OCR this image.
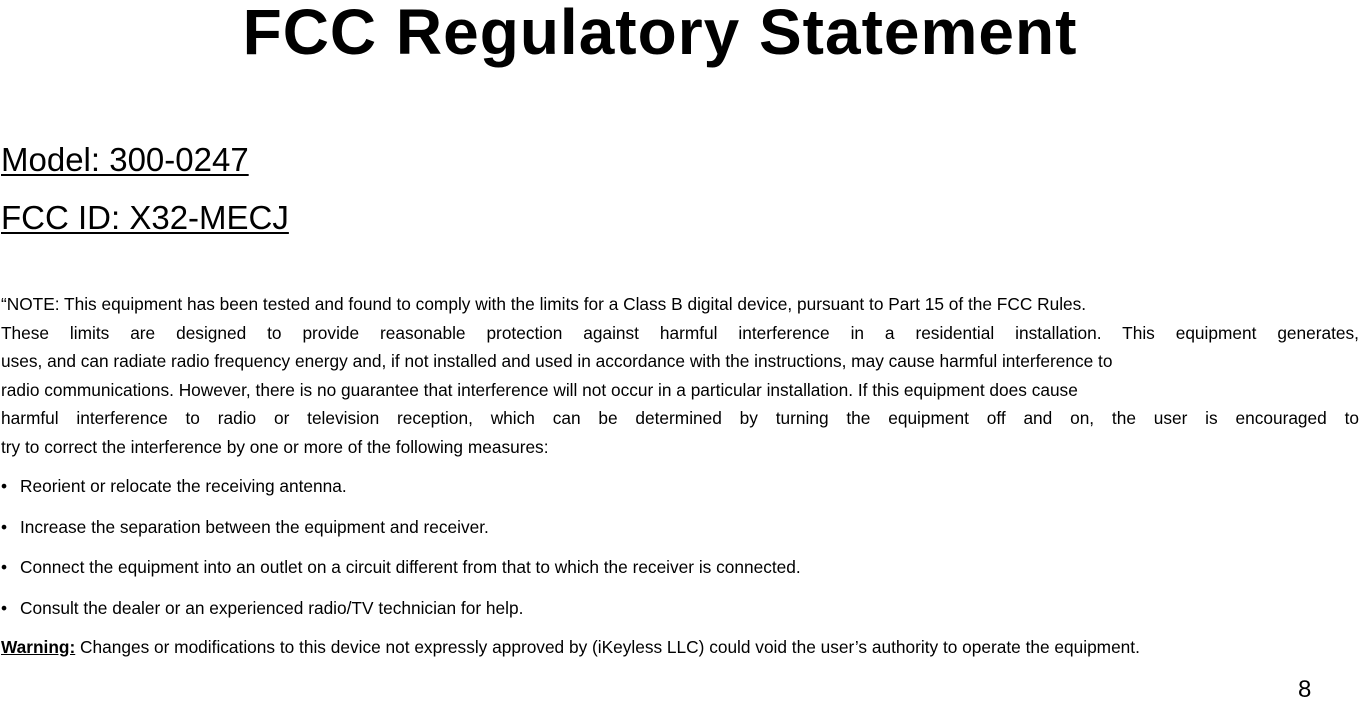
FCC Regulatory Statement

Model: 300-0247

FCC ID: X32-MECJ

“NOTE: This equipment has been tested and found to comply with the limits for a Class B digital device, pursuant to Part 15 of the FCC Rules.
These limits are designed to provide reasonable protection against harmful interference in a residential installation. This equipment generates,
uses, and can radiate radio frequency energy and, if not installed and used in accordance with the instructions, may cause harmful interference to
radio communications. However, there is no guarantee that interference will not occur in a particular installation. If this equipment does cause
harmful interference to radio or television reception, which can be determined by turning the equipment off and on, the user is encouraged to
try to correct the interference by one or more of the following measures:

• Reorient or relocate the receiving antenna.
• Increase the separation between the equipment and receiver.
• Connect the equipment into an outlet on a circuit different from that to which the receiver is connected.
• Consult the dealer or an experienced radio/TV technician for help.

Warning: Changes or modifications to this device not expressly approved by (iKeyless LLC) could void the user’s authority to operate the equipment.

8
